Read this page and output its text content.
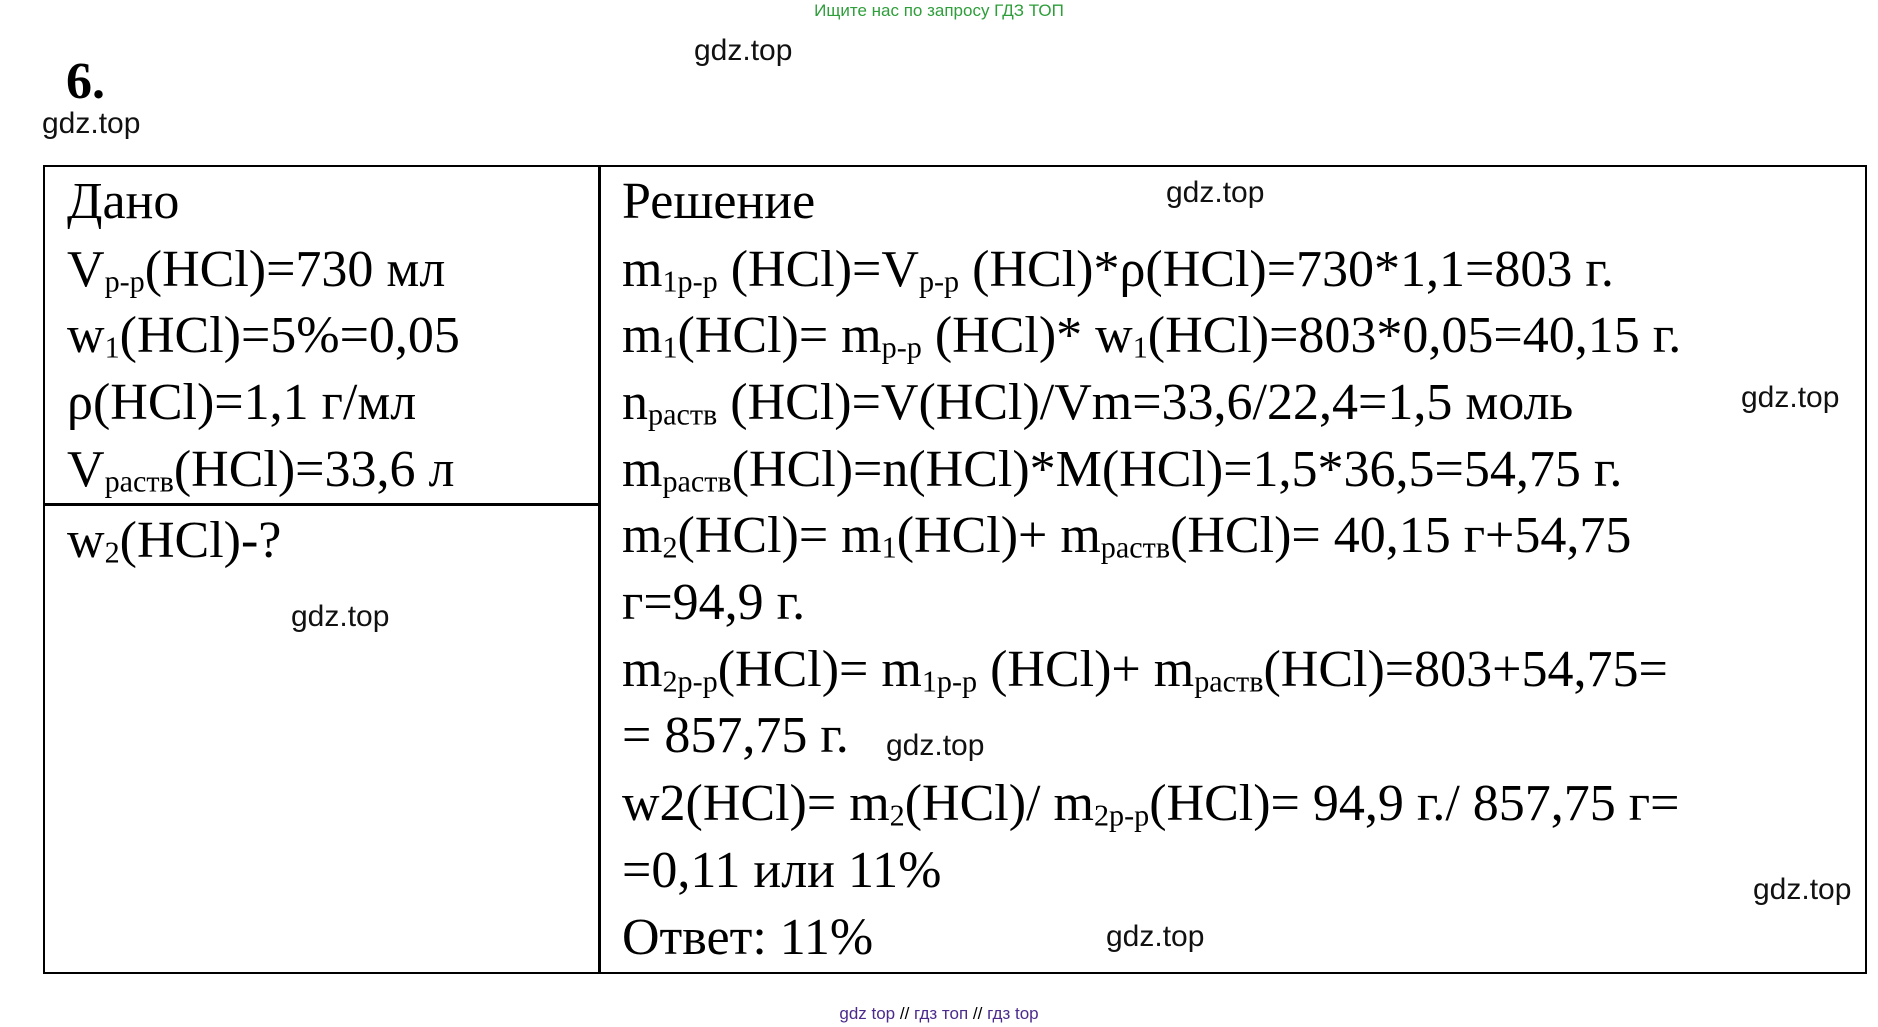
Ищите нас по запросу ГДЗ ТОП
6.
gdz.top
gdz.top
gdz.top
gdz.top
gdz.top
gdz.top
gdz.top
gdz.top
Дано
$V_{р-р}(HCl)=730$ мл
$w_1(HCl)=5\%=0,05$
ρ(HCl)=1,1 г/мл
$V_{раств}(HCl)=33,6$ л
$w_2(HCl)-$?
Решение
$m_{1р-р}$ $(HCl)=V_{р-р}$ (HCl)*ρ(HCl)=730*1,1=803 г.
$m_1(HCl)= m_{р-р}$ (HCl)* $w_1(HCl)=803*0,05=40,15$ г.
$n_{раств}$ (HCl)=V(HCl)/Vm=33,6/22,4=1,5 моль
$m_{раств}(HCl)=n(HCl)*M(HCl)=1,5*36,5=54,75$ г.
$m_2(HCl)= m_1(HCl)+ m_{раств}(HCl)= 40,15$ г+54,75
г=94,9 г.
$m_{2р-р}(HCl)= m_{1р-р}$ $(HCl)+ m_{раств}(HCl)=803+54,75=$
= 857,75 г.
$w2(HCl)= m_2(HCl)/$ $m_{2р-р}(HCl)= 94,9$ г./ 857,75 г=
=0,11 или 11%
Ответ: 11%
gdz top // гдз топ // гдз top
